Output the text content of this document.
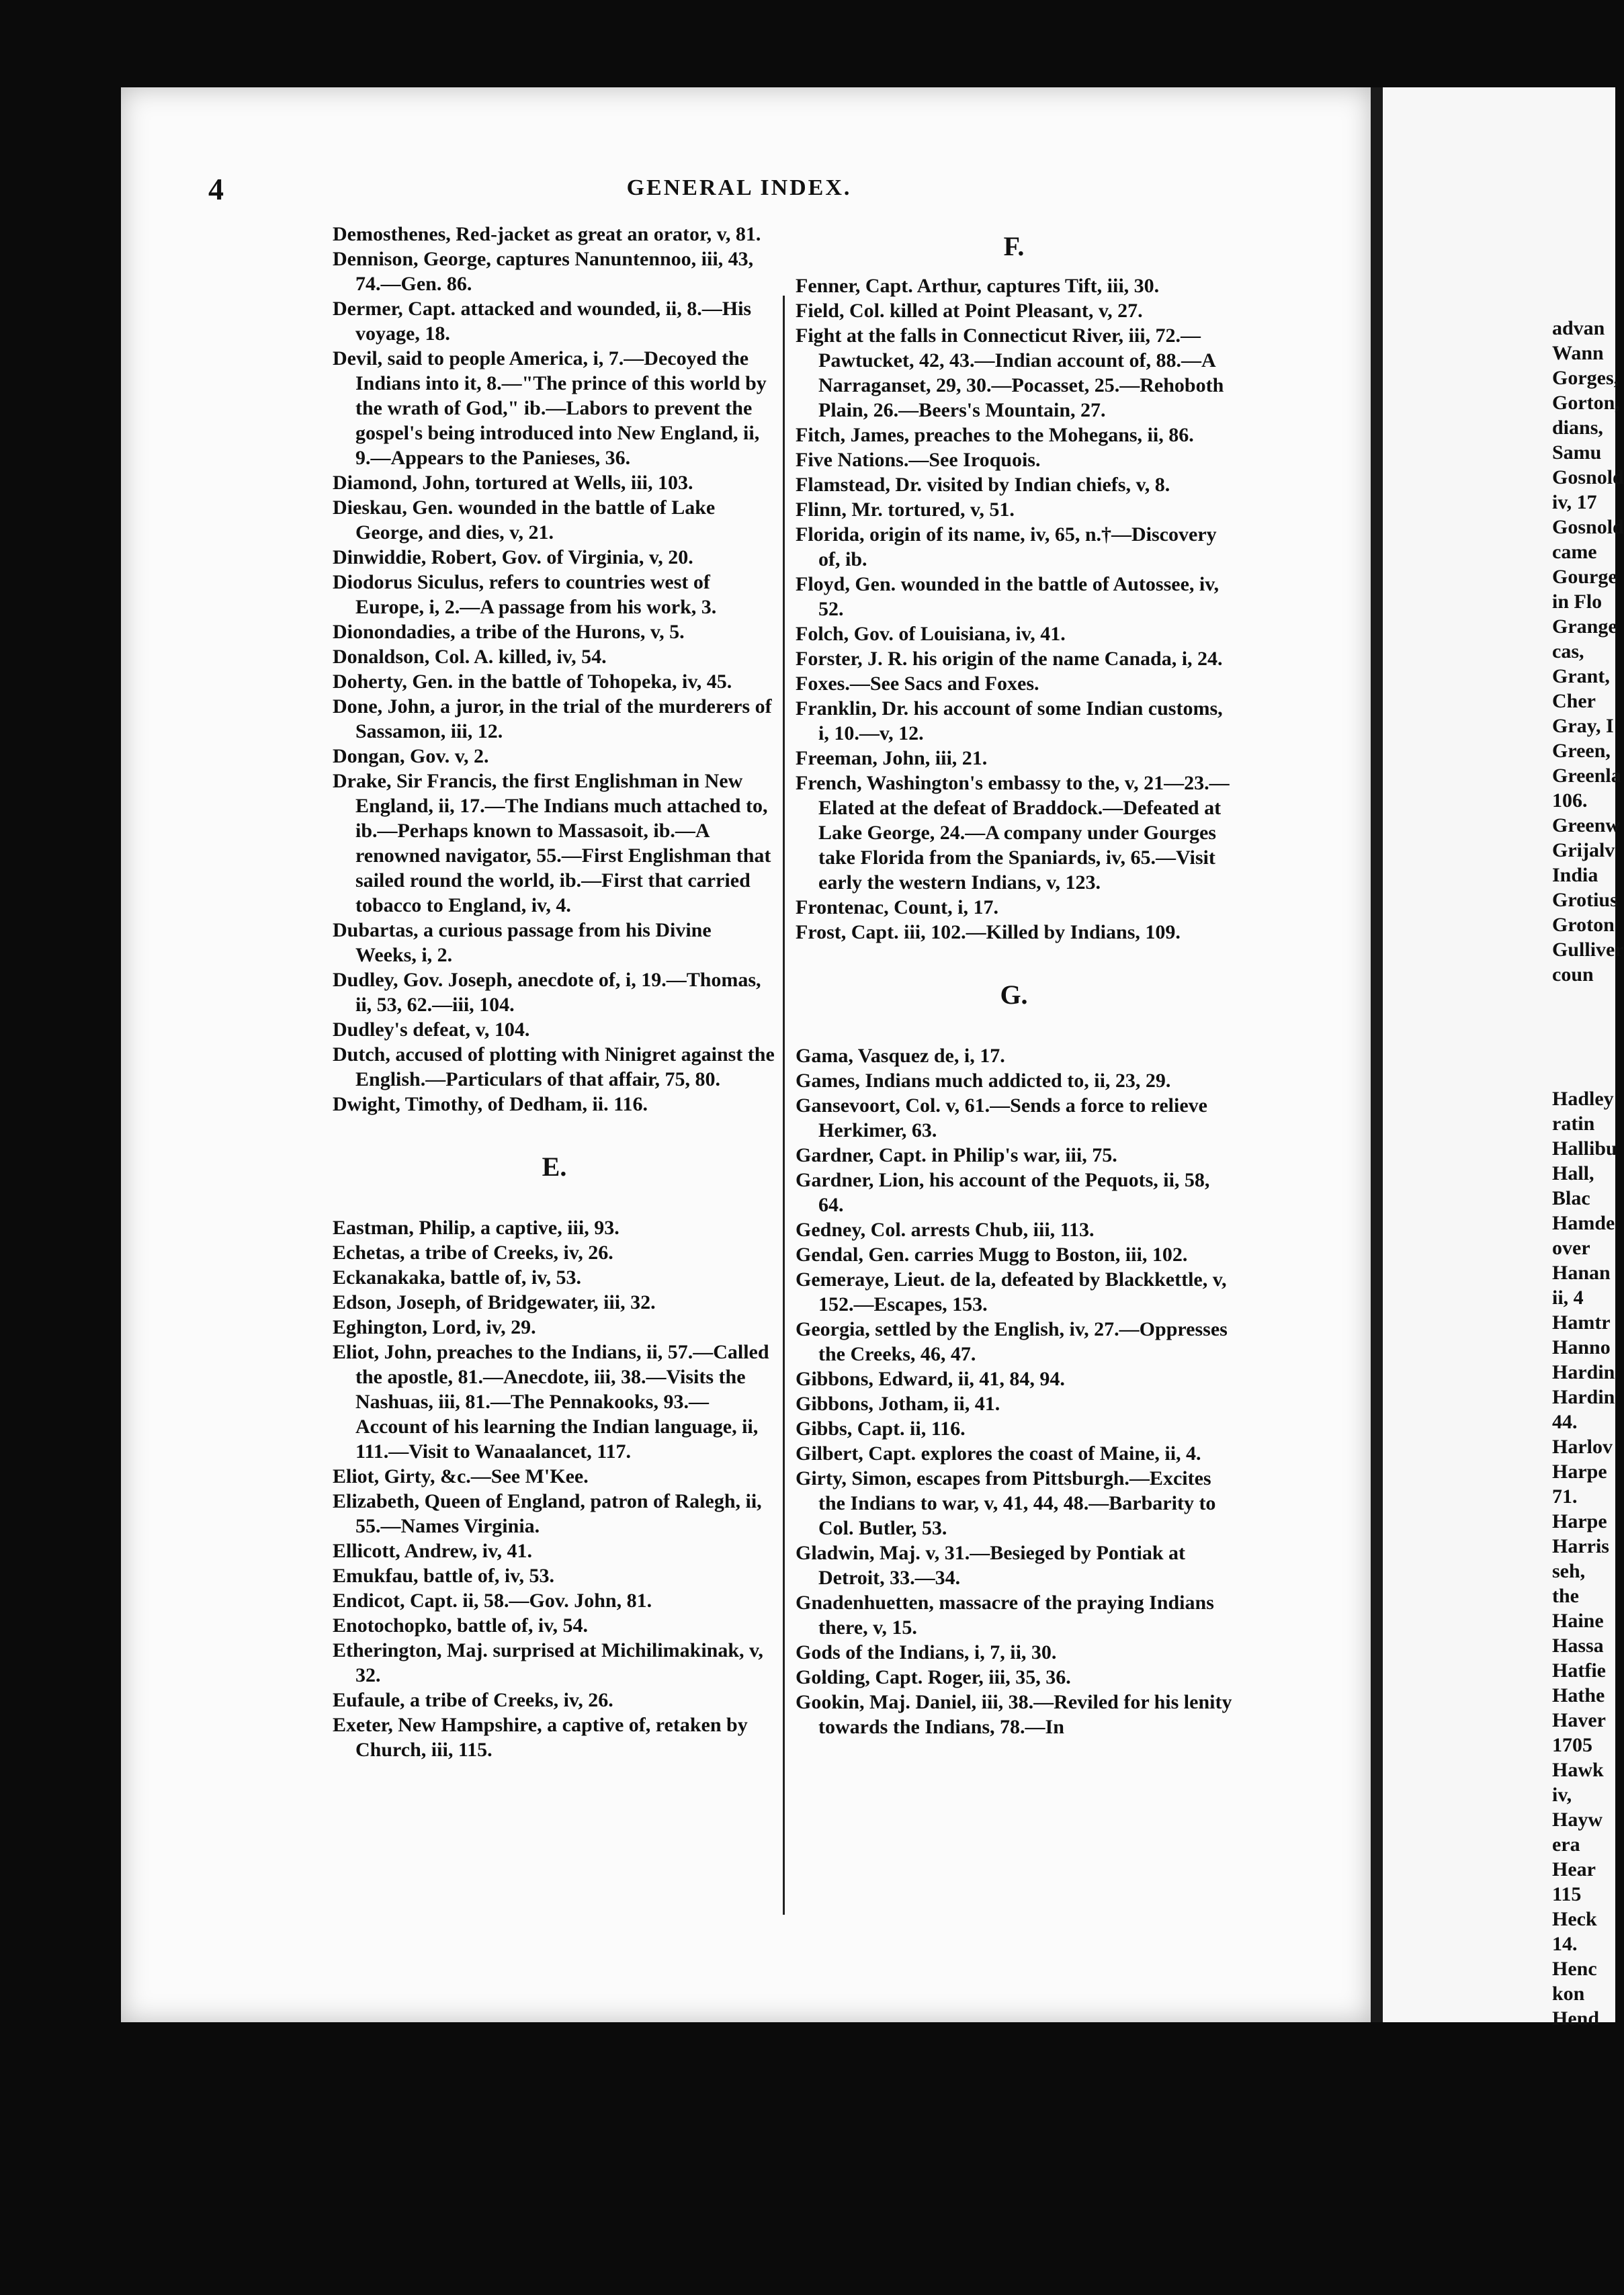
4	GENERAL INDEX.

Demosthenes, Red-jacket as great an orator, v, 81.

Dennison, George, captures Nanuntennoo, iii, 43, 74.—Gen. 86.

Dermer, Capt. attacked and wounded, ii, 8.—His voyage, 18.

Devil, said to people America, i, 7.—Decoyed the Indians into it, 8.—"The prince of this world by the wrath of God," ib.—Labors to prevent the gospel's being introduced into New England, ii, 9.—Appears to the Panieses, 36.

Diamond, John, tortured at Wells, iii, 103.

Dieskau, Gen. wounded in the battle of Lake George, and dies, v, 21.

Dinwiddie, Robert, Gov. of Virginia, v, 20.

Diodorus Siculus, refers to countries west of Europe, i, 2.—A passage from his work, 3.

Dionondadies, a tribe of the Hurons, v, 5.

Donaldson, Col. A. killed, iv, 54.

Doherty, Gen. in the battle of Tohopeka, iv, 45.

Done, John, a juror, in the trial of the murderers of Sassamon, iii, 12.

Dongan, Gov. v, 2.

Drake, Sir Francis, the first Englishman in New England, ii, 17.—The Indians much attached to, ib.—Perhaps known to Massasoit, ib.—A renowned navigator, 55.—First Englishman that sailed round the world, ib.—First that carried tobacco to England, iv, 4.

Dubartas, a curious passage from his Divine Weeks, i, 2.

Dudley, Gov. Joseph, anecdote of, i, 19.—Thomas, ii, 53, 62.—iii, 104.

Dudley's defeat, v, 104.

Dutch, accused of plotting with Ninigret against the English.—Particulars of that affair, 75, 80.

Dwight, Timothy, of Dedham, ii. 116.

E.

Eastman, Philip, a captive, iii, 93.

Echetas, a tribe of Creeks, iv, 26.

Eckanakaka, battle of, iv, 53.

Edson, Joseph, of Bridgewater, iii, 32.

Eghington, Lord, iv, 29.

Eliot, John, preaches to the Indians, ii, 57.—Called the apostle, 81.—Anecdote, iii, 38.—Visits the Nashuas, iii, 81.—The Pennakooks, 93.—Account of his learning the Indian language, ii, 111.—Visit to Wanaalancet, 117.

Eliot, Girty, &c.—See M'Kee.

Elizabeth, Queen of England, patron of Ralegh, ii, 55.—Names Virginia.

Ellicott, Andrew, iv, 41.

Emukfau, battle of, iv, 53.

Endicot, Capt. ii, 58.—Gov. John, 81.

Enotochopko, battle of, iv, 54.

Etherington, Maj. surprised at Michilimakinak, v, 32.

Eufaule, a tribe of Creeks, iv, 26.

Exeter, New Hampshire, a captive of, retaken by Church, iii, 115.

F.

Fenner, Capt. Arthur, captures Tift, iii, 30.

Field, Col. killed at Point Pleasant, v, 27.

Fight at the falls in Connecticut River, iii, 72.—Pawtucket, 42, 43.—Indian account of, 88.—A Narraganset, 29, 30.—Pocasset, 25.—Rehoboth Plain, 26.—Beers's Mountain, 27.

Fitch, James, preaches to the Mohegans, ii, 86.

Five Nations.—See Iroquois.

Flamstead, Dr. visited by Indian chiefs, v, 8.

Flinn, Mr. tortured, v, 51.

Florida, origin of its name, iv, 65, n.†—Discovery of, ib.

Floyd, Gen. wounded in the battle of Autossee, iv, 52.

Folch, Gov. of Louisiana, iv, 41.

Forster, J. R. his origin of the name Canada, i, 24.

Foxes.—See Sacs and Foxes.

Franklin, Dr. his account of some Indian customs, i, 10.—v, 12.

Freeman, John, iii, 21.

French, Washington's embassy to the, v, 21—23.—Elated at the defeat of Braddock.—Defeated at Lake George, 24.—A company under Gourges take Florida from the Spaniards, iv, 65.—Visit early the western Indians, v, 123.

Frontenac, Count, i, 17.

Frost, Capt. iii, 102.—Killed by Indians, 109.

G.

Gama, Vasquez de, i, 17.

Games, Indians much addicted to, ii, 23, 29.

Gansevoort, Col. v, 61.—Sends a force to relieve Herkimer, 63.

Gardner, Capt. in Philip's war, iii, 75.

Gardner, Lion, his account of the Pequots, ii, 58, 64.

Gedney, Col. arrests Chub, iii, 113.

Gendal, Gen. carries Mugg to Boston, iii, 102.

Gemeraye, Lieut. de la, defeated by Blackkettle, v, 152.—Escapes, 153.

Georgia, settled by the English, iv, 27.—Oppresses the Creeks, 46, 47.

Gibbons, Edward, ii, 41, 84, 94.

Gibbons, Jotham, ii, 41.

Gibbs, Capt. ii, 116.

Gilbert, Capt. explores the coast of Maine, ii, 4.

Girty, Simon, escapes from Pittsburgh.—Excites the Indians to war, v, 41, 44, 48.—Barbarity to Col. Butler, 53.

Gladwin, Maj. v, 31.—Besieged by Pontiak at Detroit, 33.—34.

Gnadenhuetten, massacre of the praying Indians there, v, 15.

Gods of the Indians, i, 7, ii, 30.

Golding, Capt. Roger, iii, 35, 36.

Gookin, Maj. Daniel, iii, 38.—Reviled for his lenity towards the Indians, 78.—In

advan
Wann
Gorges,
Gorton,
dians,
Samu
Gosnold
iv, 17
Gosnold
came
Gourge
in Flo
Grange
cas,
Grant,
Cher
Gray, I
Green,
Greenla
106.
Greenw
Grijalv
India
Grotius
Groton
Gulliver
coun
Hadley
ratin
Hallibu
Hall,
Blac
Hamde
over
Hanan
ii, 4
Hamtr
Hanno
Hardin
Hardin
44.
Harlov
Harpe
71.
Harpe
Harris
seh,
the
Haine
Hassa
Hatfie
Hathe
Haver
1705
Hawk
iv,
Hayw
era
Hear
115
Heck
14.
Henc
kon
Hend
